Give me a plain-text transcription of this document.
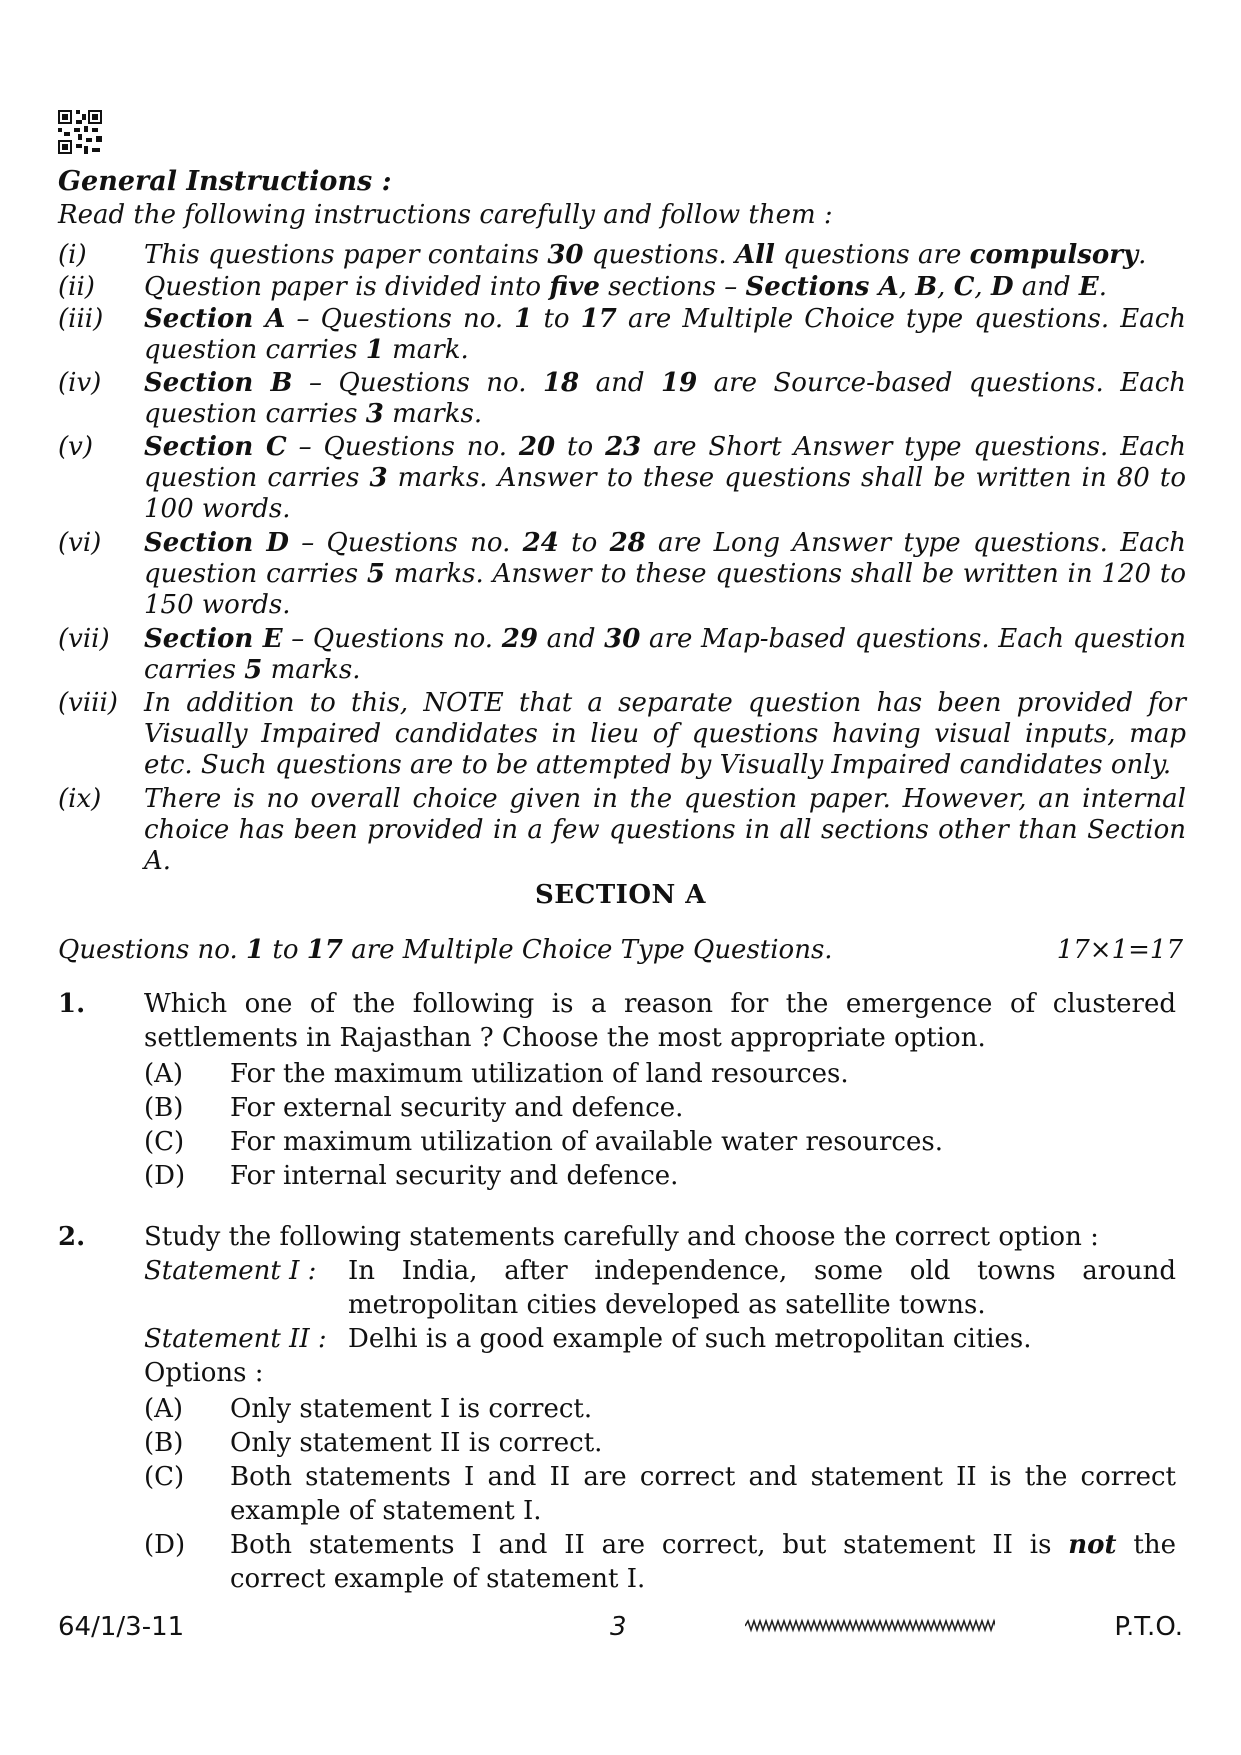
General Instructions :
Read the following instructions carefully and follow them :
(i) This questions paper contains 30 questions. All questions are compulsory.
(ii) Question paper is divided into five sections – Sections A, B, C, D and E.
(iii) Section A – Questions no. 1 to 17 are Multiple Choice type questions. Each question carries 1 mark.
(iv) Section B – Questions no. 18 and 19 are Source-based questions. Each question carries 3 marks.
(v) Section C – Questions no. 20 to 23 are Short Answer type questions. Each question carries 3 marks. Answer to these questions shall be written in 80 to 100 words.
(vi) Section D – Questions no. 24 to 28 are Long Answer type questions. Each question carries 5 marks. Answer to these questions shall be written in 120 to 150 words.
(vii) Section E – Questions no. 29 and 30 are Map-based questions. Each question carries 5 marks.
(viii) In addition to this, NOTE that a separate question has been provided for Visually Impaired candidates in lieu of questions having visual inputs, map etc. Such questions are to be attempted by Visually Impaired candidates only.
(ix) There is no overall choice given in the question paper. However, an internal choice has been provided in a few questions in all sections other than Section A.
SECTION A
Questions no. 1 to 17 are Multiple Choice Type Questions.	17×1=17
1. Which one of the following is a reason for the emergence of clustered settlements in Rajasthan ? Choose the most appropriate option.
(A) For the maximum utilization of land resources.
(B) For external security and defence.
(C) For maximum utilization of available water resources.
(D) For internal security and defence.
2. Study the following statements carefully and choose the correct option :
Statement I : In India, after independence, some old towns around metropolitan cities developed as satellite towns.
Statement II : Delhi is a good example of such metropolitan cities.
Options :
(A) Only statement I is correct.
(B) Only statement II is correct.
(C) Both statements I and II are correct and statement II is the correct example of statement I.
(D) Both statements I and II are correct, but statement II is not the correct example of statement I.
64/1/3-11	3	P.T.O.
